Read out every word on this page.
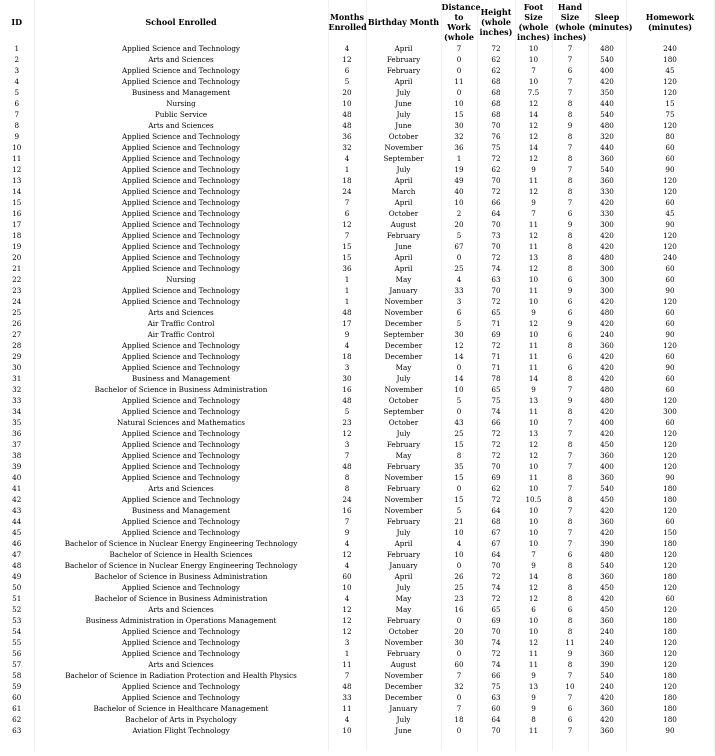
ID	School Enrolled	Months Enrolled	Birthday Month	Distance to Work (whole	Height (whole inches)	Foot Size (whole inches)	Hand Size (whole inches)	Sleep (minutes)	Homework (minutes)

1	Applied Science and Technology	4	April	7	72	10	7	480	240
2	Arts and Sciences	12	February	0	62	10	7	540	180
3	Applied Science and Technology	6	February	0	62	7	6	400	45
4	Applied Science and Technology	5	April	11	68	10	7	420	120
5	Business and Management	20	July	0	68	7.5	7	350	120
6	Nursing	10	June	10	68	12	8	440	15
7	Public Service	48	July	15	68	14	8	540	75
8	Arts and Sciences	48	June	30	70	12	9	480	120
9	Applied Science and Technology	36	October	32	76	12	8	320	80
10	Applied Science and Technology	32	November	36	75	14	7	440	60
11	Applied Science and Technology	4	September	1	72	12	8	360	60
12	Applied Science and Technology	1	July	19	62	9	7	540	90
13	Applied Science and Technology	18	April	49	70	11	8	360	120
14	Applied Science and Technology	24	March	40	72	12	8	330	120
15	Applied Science and Technology	7	April	10	66	9	7	420	60
16	Applied Science and Technology	6	October	2	64	7	6	330	45
17	Applied Science and Technology	12	August	20	70	11	9	300	90
18	Applied Science and Technology	7	February	5	73	12	8	420	120
19	Applied Science and Technology	15	June	67	70	11	8	420	120
20	Applied Science and Technology	15	April	0	72	13	8	480	240
21	Applied Science and Technology	36	April	25	74	12	8	300	60
22	Nursing	1	May	4	63	10	6	300	60
23	Applied Science and Technology	1	January	33	70	11	9	300	90
24	Applied Science and Technology	1	November	3	72	10	6	420	120
25	Arts and Sciences	48	November	6	65	9	6	480	60
26	Air Traffic Control	17	December	5	71	12	9	420	60
27	Air Traffic Control	9	September	30	69	10	6	240	90
28	Applied Science and Technology	4	December	12	72	11	8	360	120
29	Applied Science and Technology	18	December	14	71	11	6	420	60
30	Applied Science and Technology	3	May	0	71	11	6	420	90
31	Business and Management	30	July	14	78	14	8	420	60
32	Bachelor of Science in Business Administration	16	November	10	65	9	7	480	60
33	Applied Science and Technology	48	October	5	75	13	9	480	120
34	Applied Science and Technology	5	September	0	74	11	8	420	300
35	Natural Sciences and Mathematics	23	October	43	66	10	7	400	60
36	Applied Science and Technology	12	July	25	72	13	7	420	120
37	Applied Science and Technology	3	February	15	72	12	8	450	120
38	Applied Science and Technology	7	May	8	72	12	7	360	120
39	Applied Science and Technology	48	February	35	70	10	7	400	120
40	Applied Science and Technology	8	November	15	69	11	8	360	90
41	Arts and Sciences	8	February	0	62	10	7	540	180
42	Applied Science and Technology	24	November	15	72	10.5	8	450	180
43	Business and Management	16	November	5	64	10	7	420	120
44	Applied Science and Technology	7	February	21	68	10	8	360	60
45	Applied Science and Technology	9	July	10	67	10	7	420	150
46	Bachelor of Science in Nuclear Energy Engineering Technology	4	April	4	67	10	7	390	180
47	Bachelor of Science in Health Sciences	12	February	10	64	7	6	480	120
48	Bachelor of Science in Nuclear Energy Engineering Technology	4	January	0	70	9	8	540	120
49	Bachelor of Science in Business Administration	60	April	26	72	14	8	360	180
50	Applied Science and Technology	10	July	25	74	12	8	450	120
51	Bachelor of Science in Business Administration	4	May	23	72	12	8	420	60
52	Arts and Sciences	12	May	16	65	6	6	450	120
53	Business Administration in Operations Management	12	February	0	69	10	8	360	180
54	Applied Science and Technology	12	October	20	70	10	8	240	180
55	Applied Science and Technology	3	November	30	74	12	11	240	120
56	Applied Science and Technology	1	February	0	72	11	9	360	120
57	Arts and Sciences	11	August	60	74	11	8	390	120
58	Bachelor of Science in Radiation Protection and Health Physics	7	November	7	66	9	7	540	180
59	Applied Science and Technology	48	December	32	75	13	10	240	120
60	Applied Science and Technology	33	December	0	63	9	7	420	180
61	Bachelor of Science in Healthcare Management	11	January	7	60	9	6	360	180
62	Bachelor of Arts in Psychology	4	July	18	64	8	6	420	180
63	Aviation Flight Technology	10	June	0	70	11	7	360	90
